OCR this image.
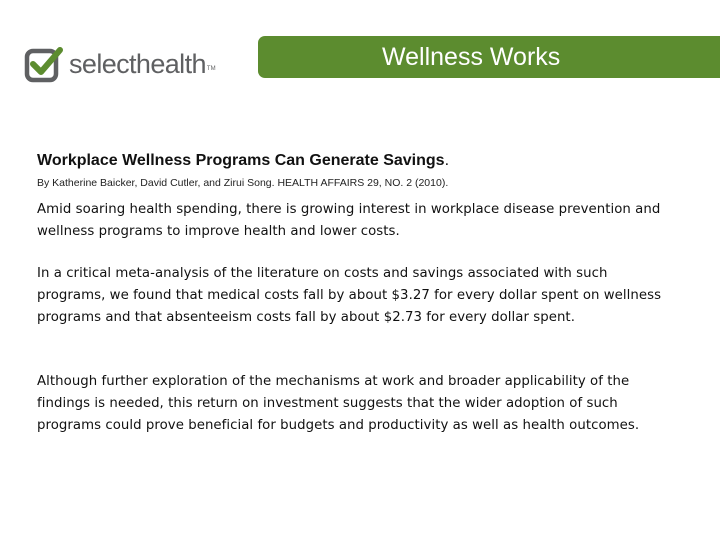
selecthealth TM	Wellness Works
Workplace Wellness Programs Can Generate Savings.
By Katherine Baicker, David Cutler, and Zirui Song. HEALTH AFFAIRS 29, NO. 2 (2010).

Amid soaring health spending, there is growing interest in workplace disease prevention and wellness programs to improve health and lower costs.

In a critical meta-analysis of the literature on costs and savings associated with such programs, we found that medical costs fall by about $3.27 for every dollar spent on wellness programs and that absenteeism costs fall by about $2.73 for every dollar spent.

Although further exploration of the mechanisms at work and broader applicability of the findings is needed, this return on investment suggests that the wider adoption of such programs could prove beneficial for budgets and productivity as well as health outcomes.
